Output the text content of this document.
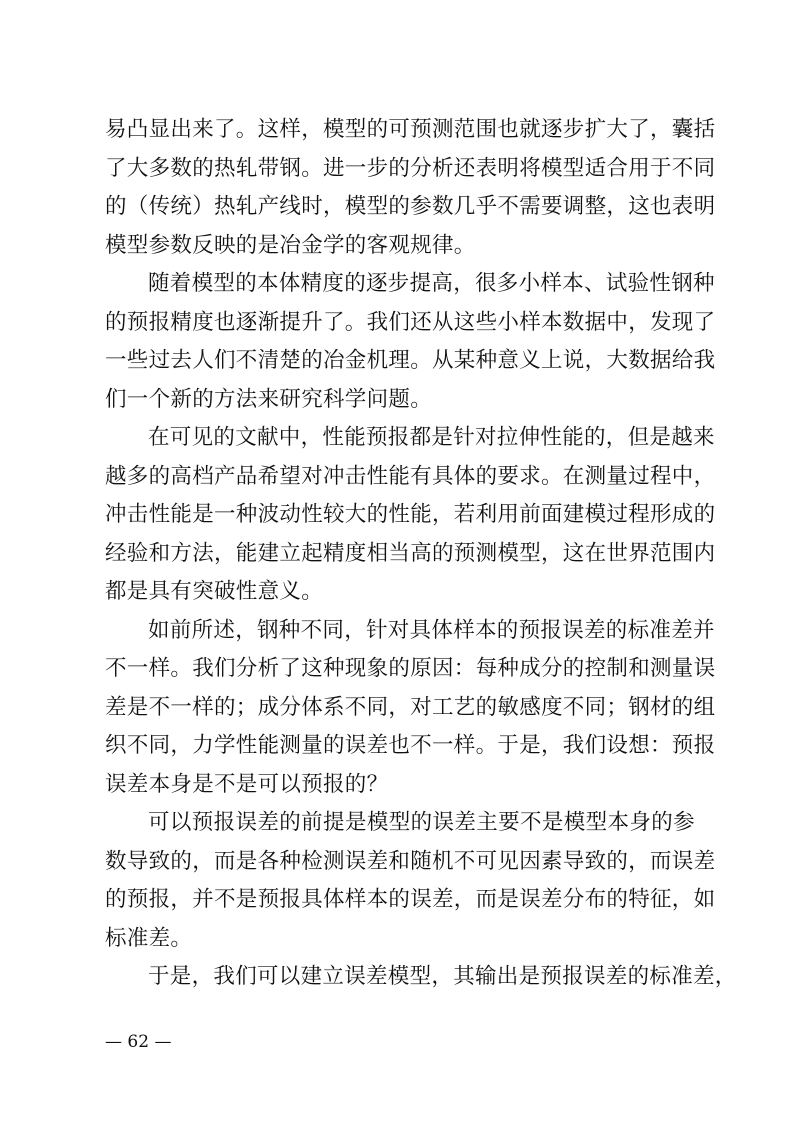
易凸显出来了。这样，模型的可预测范围也就逐步扩大了，囊括
了大多数的热轧带钢。进一步的分析还表明将模型适合用于不同
的（传统）热轧产线时，模型的参数几乎不需要调整，这也表明
模型参数反映的是冶金学的客观规律。
随着模型的本体精度的逐步提高，很多小样本、试验性钢种
的预报精度也逐渐提升了。我们还从这些小样本数据中，发现了
一些过去人们不清楚的冶金机理。从某种意义上说，大数据给我
们一个新的方法来研究科学问题。
在可见的文献中，性能预报都是针对拉伸性能的，但是越来
越多的高档产品希望对冲击性能有具体的要求。在测量过程中，
冲击性能是一种波动性较大的性能，若利用前面建模过程形成的
经验和方法，能建立起精度相当高的预测模型，这在世界范围内
都是具有突破性意义。
如前所述，钢种不同，针对具体样本的预报误差的标准差并
不一样。我们分析了这种现象的原因：每种成分的控制和测量误
差是不一样的；成分体系不同，对工艺的敏感度不同；钢材的组
织不同，力学性能测量的误差也不一样。于是，我们设想：预报
误差本身是不是可以预报的？
可以预报误差的前提是模型的误差主要不是模型本身的参
数导致的，而是各种检测误差和随机不可见因素导致的，而误差
的预报，并不是预报具体样本的误差，而是误差分布的特征，如
标准差。
于是，我们可以建立误差模型，其输出是预报误差的标准差，
— 62 —
